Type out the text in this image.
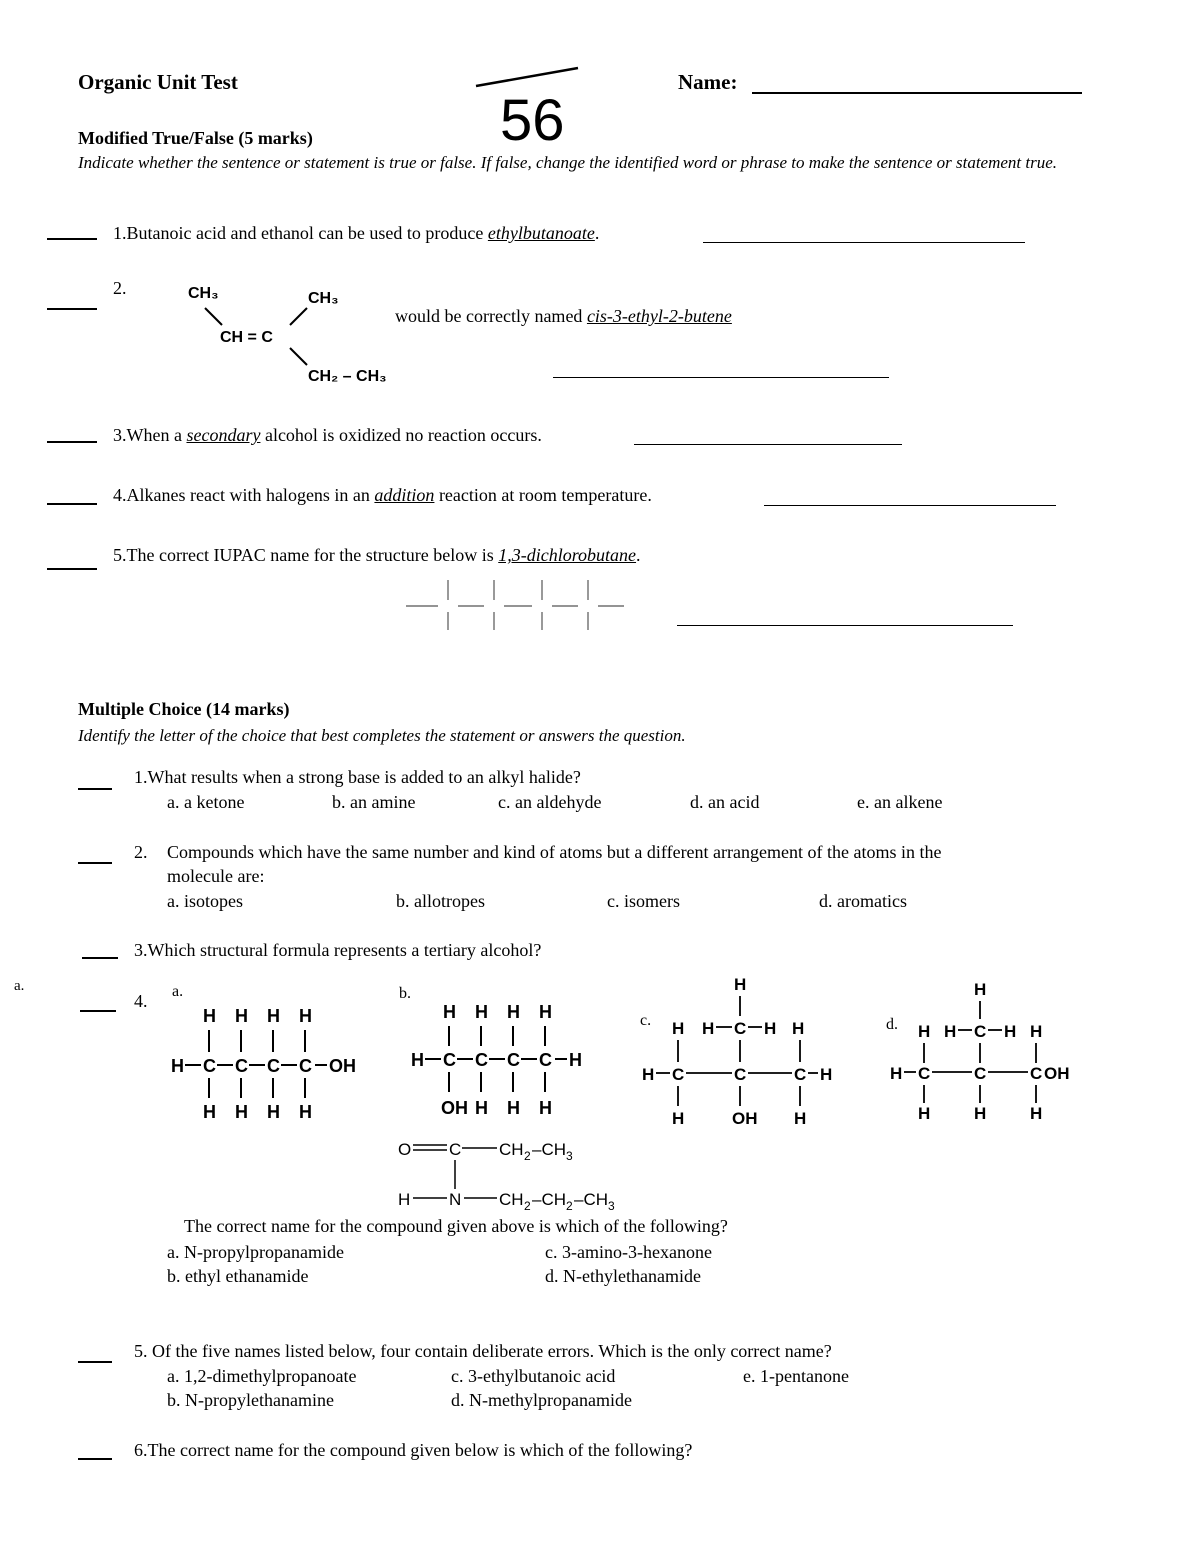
Organic Unit Test
56
Name:
Modified True/False (5 marks)
Indicate whether the sentence or statement is true or false. If false, change the identified word or phrase to make the sentence or statement true.
1.Butanoic acid and ethanol can be used to produce ethylbutanoate.
2.	CH₃	CH₃
CH = C
CH₂ – CH₃
would be correctly named cis-3-ethyl-2-butene
3.When a secondary alcohol is oxidized no reaction occurs.
4.Alkanes react with halogens in an addition reaction at room temperature.
5.The correct IUPAC name for the structure below is 1,3-dichlorobutane.
Multiple Choice (14 marks)
Identify the letter of the choice that best completes the statement or answers the question.
1.What results when a strong base is added to an alkyl halide?
a. a ketone	b. an amine	c. an aldehyde	d. an acid	e. an alkene
2. Compounds which have the same number and kind of atoms but a different arrangement of the atoms in the
molecule are:
a. isotopes	b. allotropes	c. isomers	d. aromatics
3.Which structural formula represents a tertiary alcohol?
a.
4. a.
H H H H
H C C C C OH
H H H H
b.
H H H H
H C C C C H
OH H H H
c.
H
H H C H H
H C	C	C H
H	OH H
d.
H
H H C H H
H C	C	C OH
H	H	H
O C CH 2 –CH 3
H N CH 2 –CH 2 –CH 3
The correct name for the compound given above is which of the following?
a. N-propylpropanamide	c. 3-amino-3-hexanone
b. ethyl ethanamide	d. N-ethylethanamide
5. Of the five names listed below, four contain deliberate errors. Which is the only correct name?
a. 1,2-dimethylpropanoate	c. 3-ethylbutanoic acid	e. 1-pentanone
b. N-propylethanamine	d. N-methylpropanamide
6.The correct name for the compound given below is which of the following?
